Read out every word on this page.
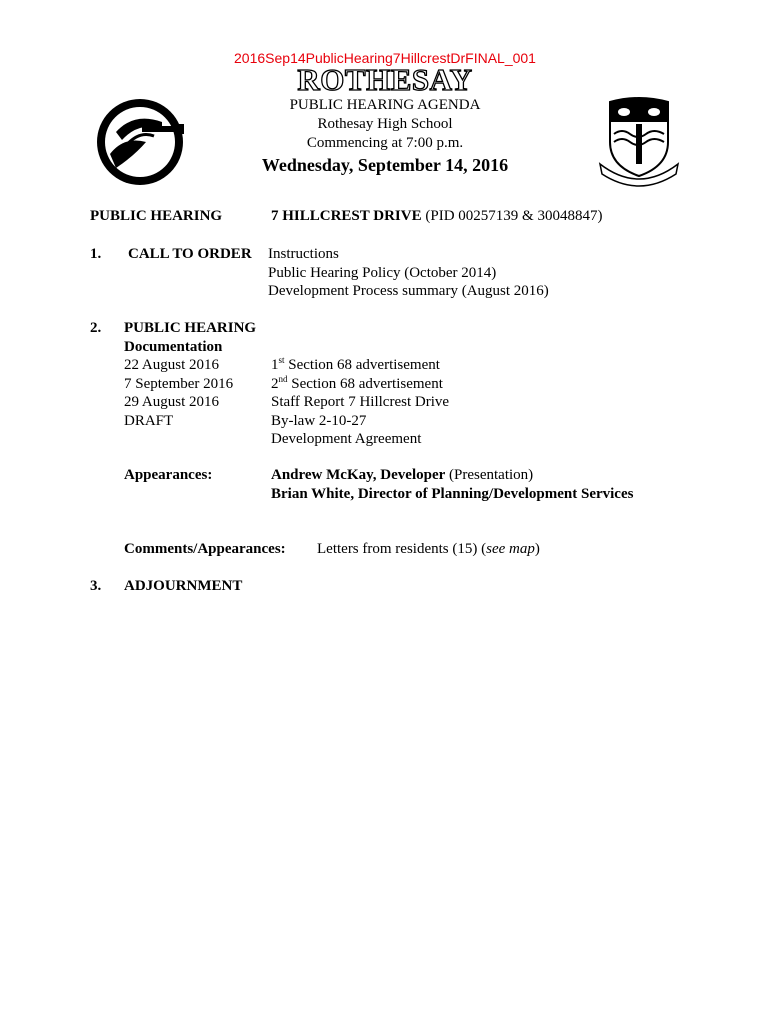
2016Sep14PublicHearing7HillcrestDrFINAL_001
ROTHESAY
PUBLIC HEARING AGENDA
Rothesay High School
Commencing at 7:00 p.m.
Wednesday, September 14, 2016
PUBLIC HEARING	7 HILLCREST DRIVE (PID 00257139 & 30048847)
1. CALL TO ORDER Instructions
Public Hearing Policy (October 2014)
Development Process summary (August 2016)
2. PUBLIC HEARING
Documentation
22 August 2016
7 September 2016
29 August 2016
DRAFT
1st Section 68 advertisement
2nd Section 68 advertisement
Staff Report 7 Hillcrest Drive
By-law 2-10-27
Development Agreement
Appearances:	Andrew McKay, Developer (Presentation)
Brian White, Director of Planning/Development Services
Comments/Appearances: Letters from residents (15) (see map)
3. ADJOURNMENT
